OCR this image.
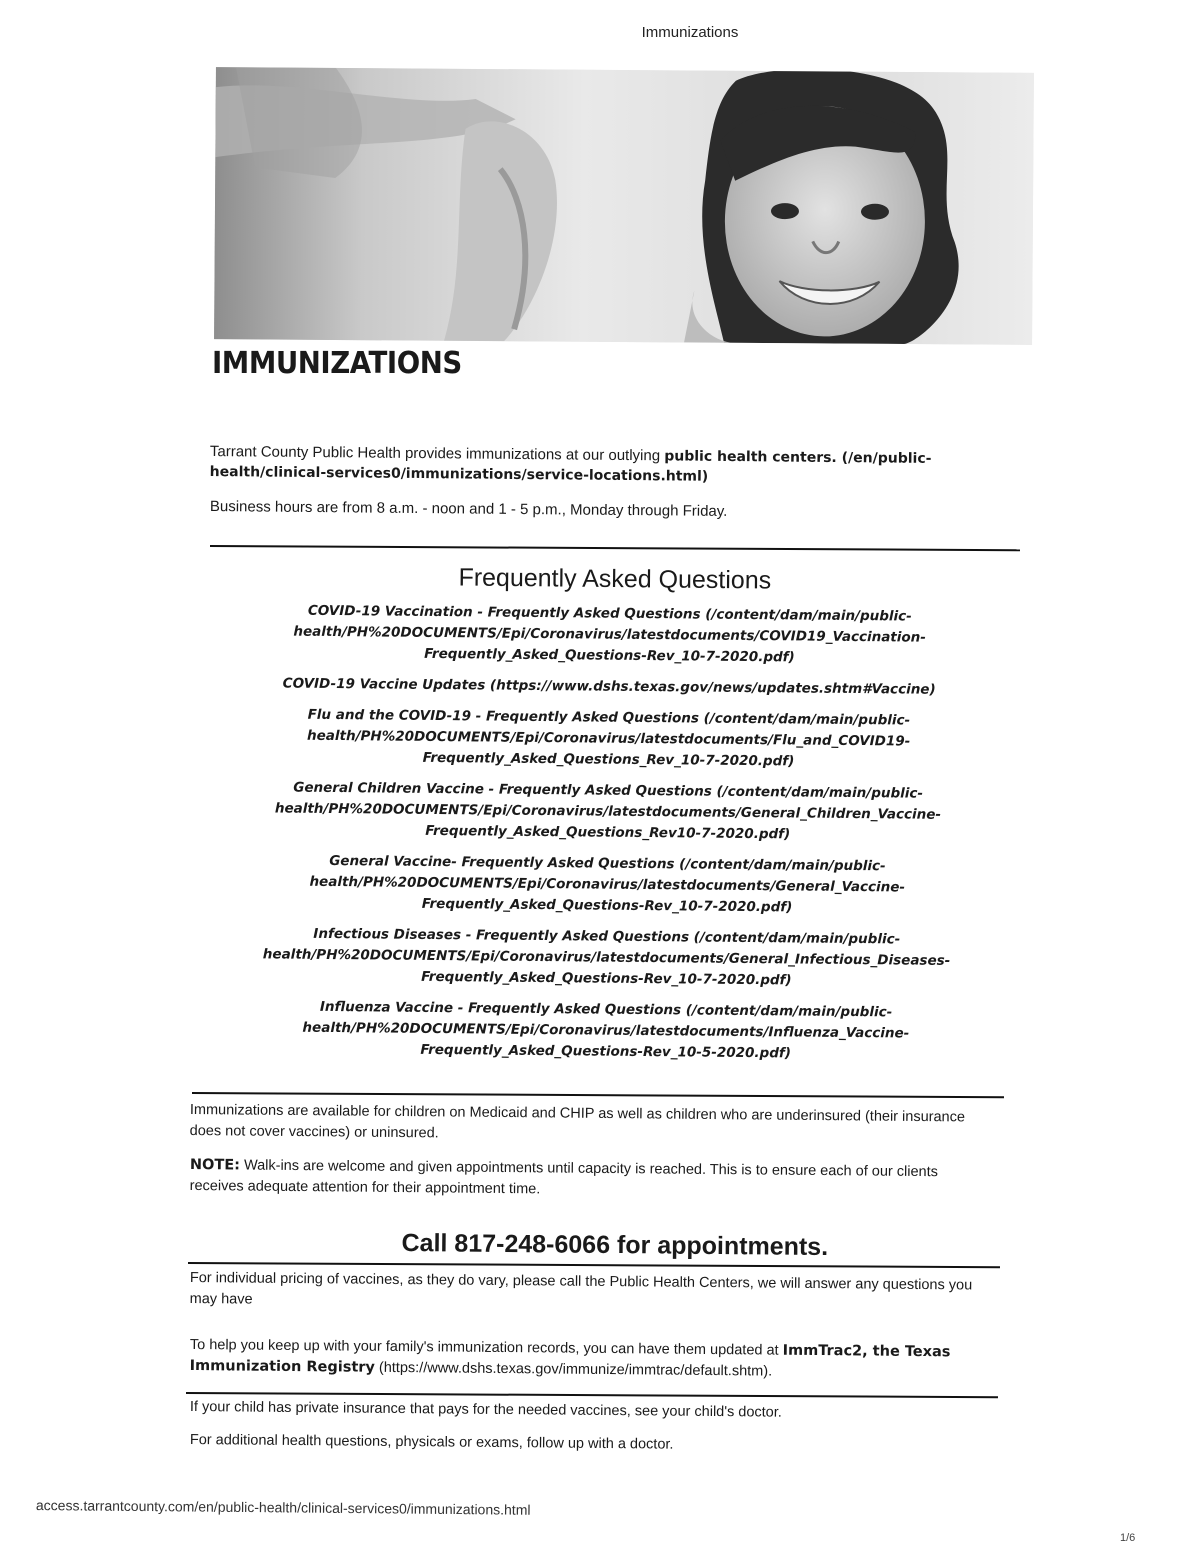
Immunizations
IMMUNIZATIONS
Tarrant County Public Health provides immunizations at our outlying public health centers. (/en/public-health/clinical-services0/immunizations/service-locations.html)
Business hours are from 8 a.m. - noon and 1 - 5 p.m., Monday through Friday.
Frequently Asked Questions
COVID-19 Vaccination - Frequently Asked Questions (/content/dam/main/public-health/PH%20DOCUMENTS/Epi/Coronavirus/latestdocuments/COVID19_Vaccination-Frequently_Asked_Questions-Rev_10-7-2020.pdf)
COVID-19 Vaccine Updates (https://www.dshs.texas.gov/news/updates.shtm#Vaccine)
Flu and the COVID-19 - Frequently Asked Questions (/content/dam/main/public-health/PH%20DOCUMENTS/Epi/Coronavirus/latestdocuments/Flu_and_COVID19-Frequently_Asked_Questions_Rev_10-7-2020.pdf)
General Children Vaccine - Frequently Asked Questions (/content/dam/main/public-health/PH%20DOCUMENTS/Epi/Coronavirus/latestdocuments/General_Children_Vaccine-Frequently_Asked_Questions_Rev10-7-2020.pdf)
General Vaccine- Frequently Asked Questions (/content/dam/main/public-health/PH%20DOCUMENTS/Epi/Coronavirus/latestdocuments/General_Vaccine-Frequently_Asked_Questions-Rev_10-7-2020.pdf)
Infectious Diseases - Frequently Asked Questions (/content/dam/main/public-health/PH%20DOCUMENTS/Epi/Coronavirus/latestdocuments/General_Infectious_Diseases-Frequently_Asked_Questions-Rev_10-7-2020.pdf)
Influenza Vaccine - Frequently Asked Questions (/content/dam/main/public-health/PH%20DOCUMENTS/Epi/Coronavirus/latestdocuments/Influenza_Vaccine-Frequently_Asked_Questions-Rev_10-5-2020.pdf)
Immunizations are available for children on Medicaid and CHIP as well as children who are underinsured (their insurance does not cover vaccines) or uninsured.
NOTE: Walk-ins are welcome and given appointments until capacity is reached. This is to ensure each of our clients receives adequate attention for their appointment time.
Call 817-248-6066 for appointments.
For individual pricing of vaccines, as they do vary, please call the Public Health Centers, we will answer any questions you may have
To help you keep up with your family's immunization records, you can have them updated at ImmTrac2, the Texas Immunization Registry (https://www.dshs.texas.gov/immunize/immtrac/default.shtm).
If your child has private insurance that pays for the needed vaccines, see your child's doctor.
For additional health questions, physicals or exams, follow up with a doctor.
access.tarrantcounty.com/en/public-health/clinical-services0/immunizations.html
1/6
